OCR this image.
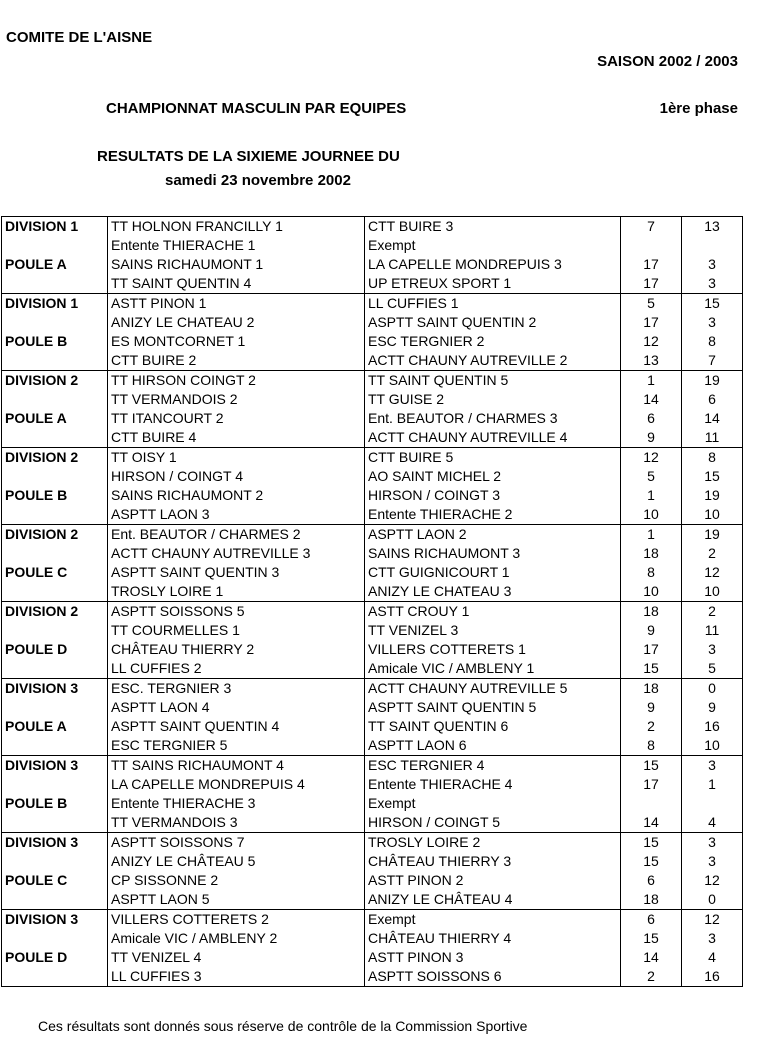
COMITE DE L'AISNE
SAISON 2002 / 2003
CHAMPIONNAT MASCULIN PAR EQUIPES	1ère phase
RESULTATS DE LA SIXIEME JOURNEE DU
samedi 23 novembre 2002
DIVISION 1	TT HOLNON FRANCILLY 1	CTT BUIRE 3	7	13
	Entente THIERACHE 1	Exempt		
POULE A	SAINS RICHAUMONT 1	LA CAPELLE MONDREPUIS 3	17	3
	TT SAINT QUENTIN 4	UP ETREUX SPORT 1	17	3
DIVISION 1	ASTT PINON 1	LL CUFFIES 1	5	15
	ANIZY LE CHATEAU 2	ASPTT SAINT QUENTIN 2	17	3
POULE B	ES MONTCORNET 1	ESC TERGNIER 2	12	8
	CTT BUIRE 2	ACTT CHAUNY AUTREVILLE 2	13	7
DIVISION 2	TT HIRSON COINGT 2	TT SAINT QUENTIN 5	1	19
	TT VERMANDOIS 2	TT GUISE 2	14	6
POULE A	TT ITANCOURT 2	Ent. BEAUTOR / CHARMES 3	6	14
	CTT BUIRE 4	ACTT CHAUNY AUTREVILLE 4	9	11
DIVISION 2	TT OISY 1	CTT BUIRE 5	12	8
	HIRSON / COINGT 4	AO SAINT MICHEL 2	5	15
POULE B	SAINS RICHAUMONT 2	HIRSON / COINGT 3	1	19
	ASPTT LAON 3	Entente THIERACHE 2	10	10
DIVISION 2	Ent. BEAUTOR / CHARMES 2	ASPTT LAON 2	1	19
	ACTT CHAUNY AUTREVILLE 3	SAINS RICHAUMONT 3	18	2
POULE C	ASPTT SAINT QUENTIN 3	CTT GUIGNICOURT 1	8	12
	TROSLY LOIRE 1	ANIZY LE CHATEAU 3	10	10
DIVISION 2	ASPTT SOISSONS 5	ASTT CROUY 1	18	2
	TT COURMELLES 1	TT VENIZEL 3	9	11
POULE D	CHÂTEAU THIERRY 2	VILLERS COTTERETS 1	17	3
	LL CUFFIES 2	Amicale VIC / AMBLENY 1	15	5
DIVISION 3	ESC. TERGNIER 3	ACTT CHAUNY AUTREVILLE 5	18	0
	ASPTT LAON 4	ASPTT SAINT QUENTIN 5	9	9
POULE A	ASPTT SAINT QUENTIN 4	TT SAINT QUENTIN 6	2	16
	ESC TERGNIER 5	ASPTT LAON 6	8	10
DIVISION 3	TT SAINS RICHAUMONT 4	ESC TERGNIER 4	15	3
	LA CAPELLE MONDREPUIS 4	Entente THIERACHE 4	17	1
POULE B	Entente THIERACHE 3	Exempt		
	TT VERMANDOIS 3	HIRSON / COINGT 5	14	4
DIVISION 3	ASPTT SOISSONS 7	TROSLY LOIRE 2	15	3
	ANIZY LE CHÂTEAU 5	CHÂTEAU THIERRY 3	15	3
POULE C	CP SISSONNE 2	ASTT PINON 2	6	12
	ASPTT LAON 5	ANIZY LE CHÂTEAU 4	18	0
DIVISION 3	VILLERS COTTERETS 2	Exempt	6	12
	Amicale VIC / AMBLENY 2	CHÂTEAU THIERRY 4	15	3
POULE D	TT VENIZEL 4	ASTT PINON 3	14	4
	LL CUFFIES 3	ASPTT SOISSONS 6	2	16
Ces résultats sont donnés sous réserve de contrôle de la Commission Sportive
